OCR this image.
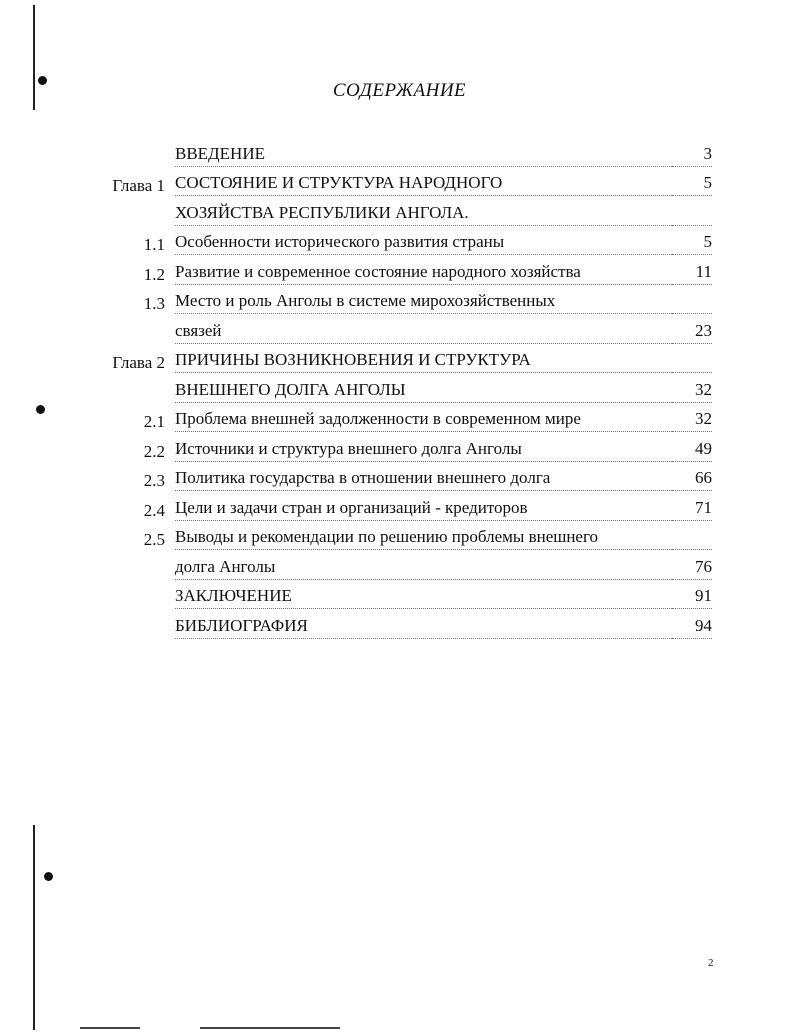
СОДЕРЖАНИЕ
ВВЕДЕНИЕ	3
Глава 1 СОСТОЯНИЕ И СТРУКТУРА НАРОДНОГО	5
ХОЗЯЙСТВА РЕСПУБЛИКИ АНГОЛА.
1.1 Особенности исторического развития страны	5
1.2 Развитие и современное состояние народного хозяйства	11
1.3 Место и роль Анголы в системе мирохозяйственных
связей	23
Глава 2 ПРИЧИНЫ ВОЗНИКНОВЕНИЯ И СТРУКТУРА
ВНЕШНЕГО ДОЛГА АНГОЛЫ	32
2.1 Проблема внешней задолженности в современном мире	32
2.2 Источники и структура внешнего долга Анголы	49
2.3 Политика государства в отношении внешнего долга	66
2.4 Цели и задачи стран и организаций - кредиторов	71
2.5 Выводы и рекомендации по решению проблемы внешнего
долга Анголы	76
ЗАКЛЮЧЕНИЕ	91
БИБЛИОГРАФИЯ	94
2
